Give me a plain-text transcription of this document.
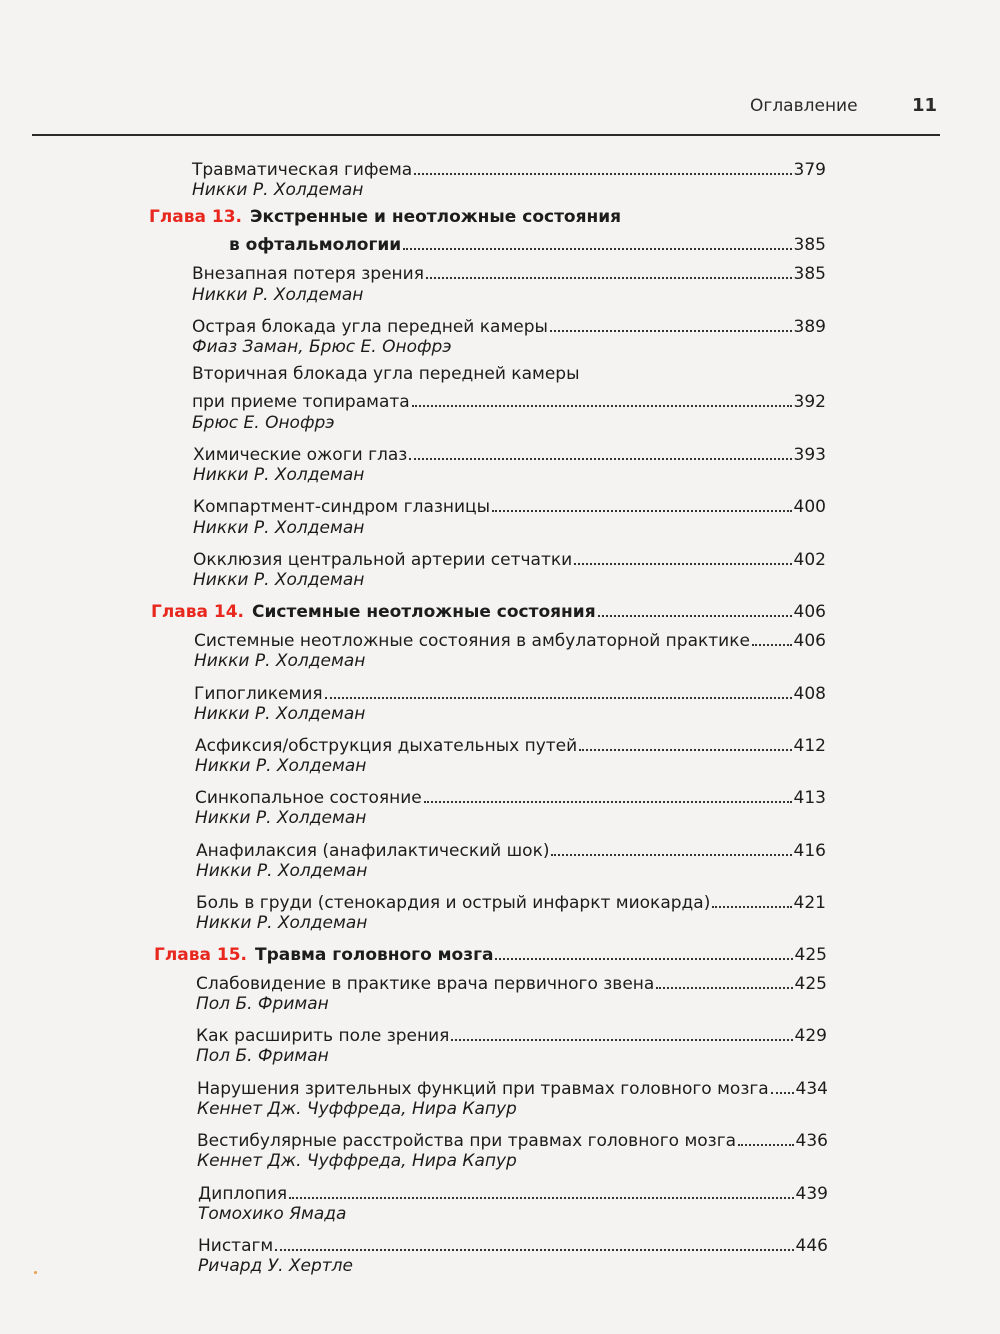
Оглавление	11
Травматическая гифема	379
Никки Р. Холдеман
Глава 13. Экстренные и неотложные состояния
в офтальмологии	385
Внезапная потеря зрения	385
Никки Р. Холдеман
Острая блокада угла передней камеры	389
Фиаз Заман, Брюс Е. Онофрэ
Вторичная блокада угла передней камеры
при приеме топирамата	392
Брюс Е. Онофрэ
Химические ожоги глаз	393
Никки Р. Холдеман
Компартмент-синдром глазницы	400
Никки Р. Холдеман
Окклюзия центральной артерии сетчатки	402
Никки Р. Холдеман
Глава 14. Системные неотложные состояния	406
Системные неотложные состояния в амбулаторной практике	406
Никки Р. Холдеман
Гипогликемия	408
Никки Р. Холдеман
Асфиксия/обструкция дыхательных путей	412
Никки Р. Холдеман
Синкопальное состояние	413
Никки Р. Холдеман
Анафилаксия (анафилактический шок)	416
Никки Р. Холдеман
Боль в груди (стенокардия и острый инфаркт миокарда)	421
Никки Р. Холдеман
Глава 15. Травма головного мозга	425
Слабовидение в практике врача первичного звена	425
Пол Б. Фриман
Как расширить поле зрения	429
Пол Б. Фриман
Нарушения зрительных функций при травмах головного мозга 434
Кеннет Дж. Чуффреда, Нира Капур
Вестибулярные расстройства при травмах головного мозга	436
Кеннет Дж. Чуффреда, Нира Капур
Диплопия	439
Томохико Ямада
Нистагм	446
Ричард У. Хертле
